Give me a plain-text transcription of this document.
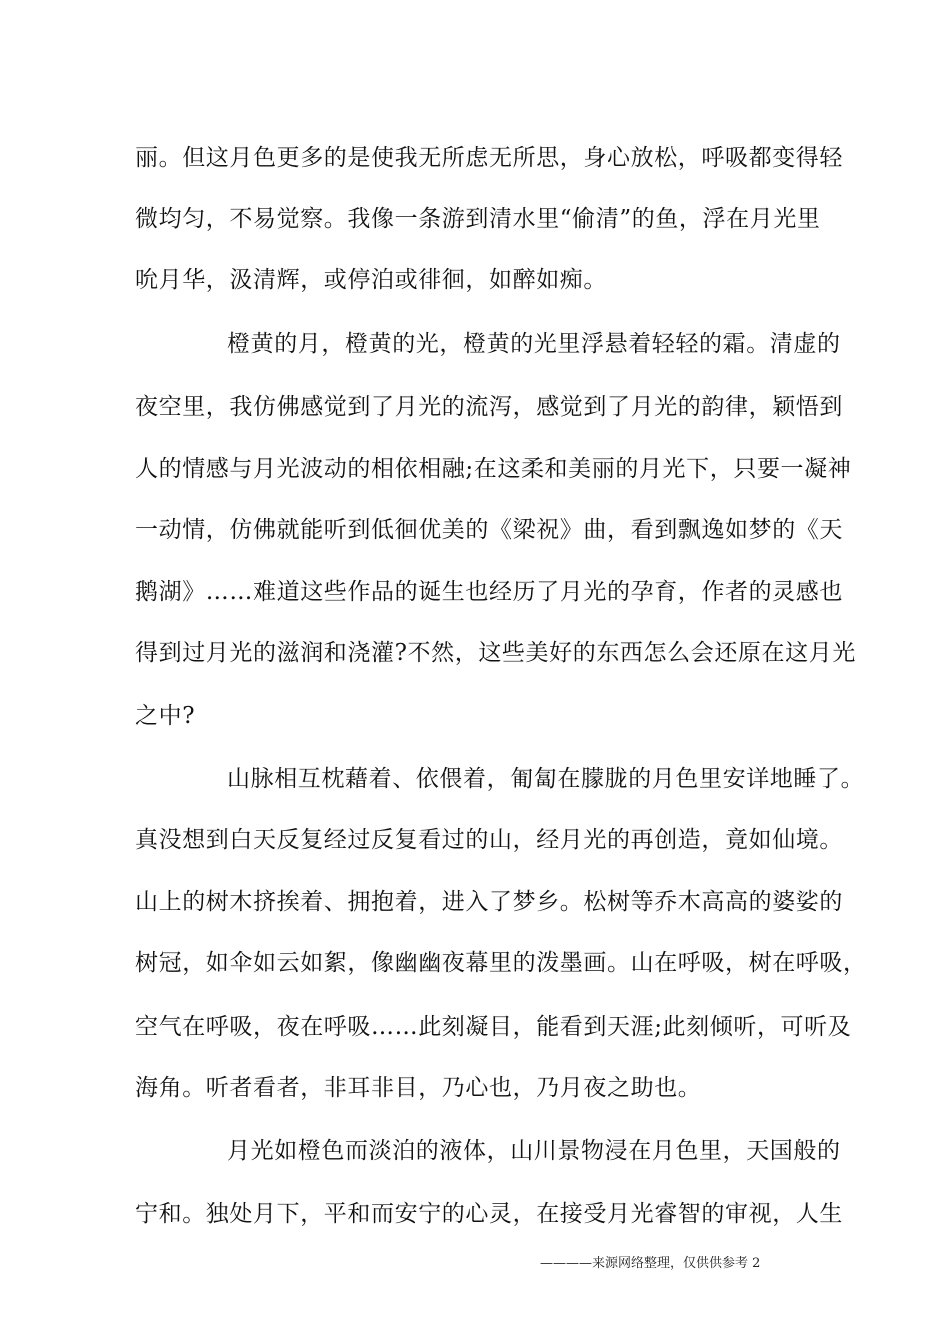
丽。但这月色更多的是使我无所虑无所思，身心放松，呼吸都变得轻
微均匀，不易觉察。我像一条游到清水里“偷清”的鱼，浮在月光里
吮月华，汲清辉，或停泊或徘徊，如醉如痴。
橙黄的月，橙黄的光，橙黄的光里浮悬着轻轻的霜。清虚的
夜空里，我仿佛感觉到了月光的流泻，感觉到了月光的韵律，颖悟到
人的情感与月光波动的相依相融;在这柔和美丽的月光下，只要一凝神
一动情，仿佛就能听到低徊优美的《梁祝》曲，看到飘逸如梦的《天
鹅湖》……难道这些作品的诞生也经历了月光的孕育，作者的灵感也
得到过月光的滋润和浇灌?不然，这些美好的东西怎么会还原在这月光
之中?
山脉相互枕藉着、依偎着，匍匐在朦胧的月色里安详地睡了。
真没想到白天反复经过反复看过的山，经月光的再创造，竟如仙境。
山上的树木挤挨着、拥抱着，进入了梦乡。松树等乔木高高的婆娑的
树冠，如伞如云如絮，像幽幽夜幕里的泼墨画。山在呼吸，树在呼吸，
空气在呼吸，夜在呼吸……此刻凝目，能看到天涯;此刻倾听，可听及
海角。听者看者，非耳非目，乃心也，乃月夜之助也。
月光如橙色而淡泊的液体，山川景物浸在月色里，天国般的
宁和。独处月下，平和而安宁的心灵，在接受月光睿智的审视，人生
————来源网络整理，仅供供参考 2
